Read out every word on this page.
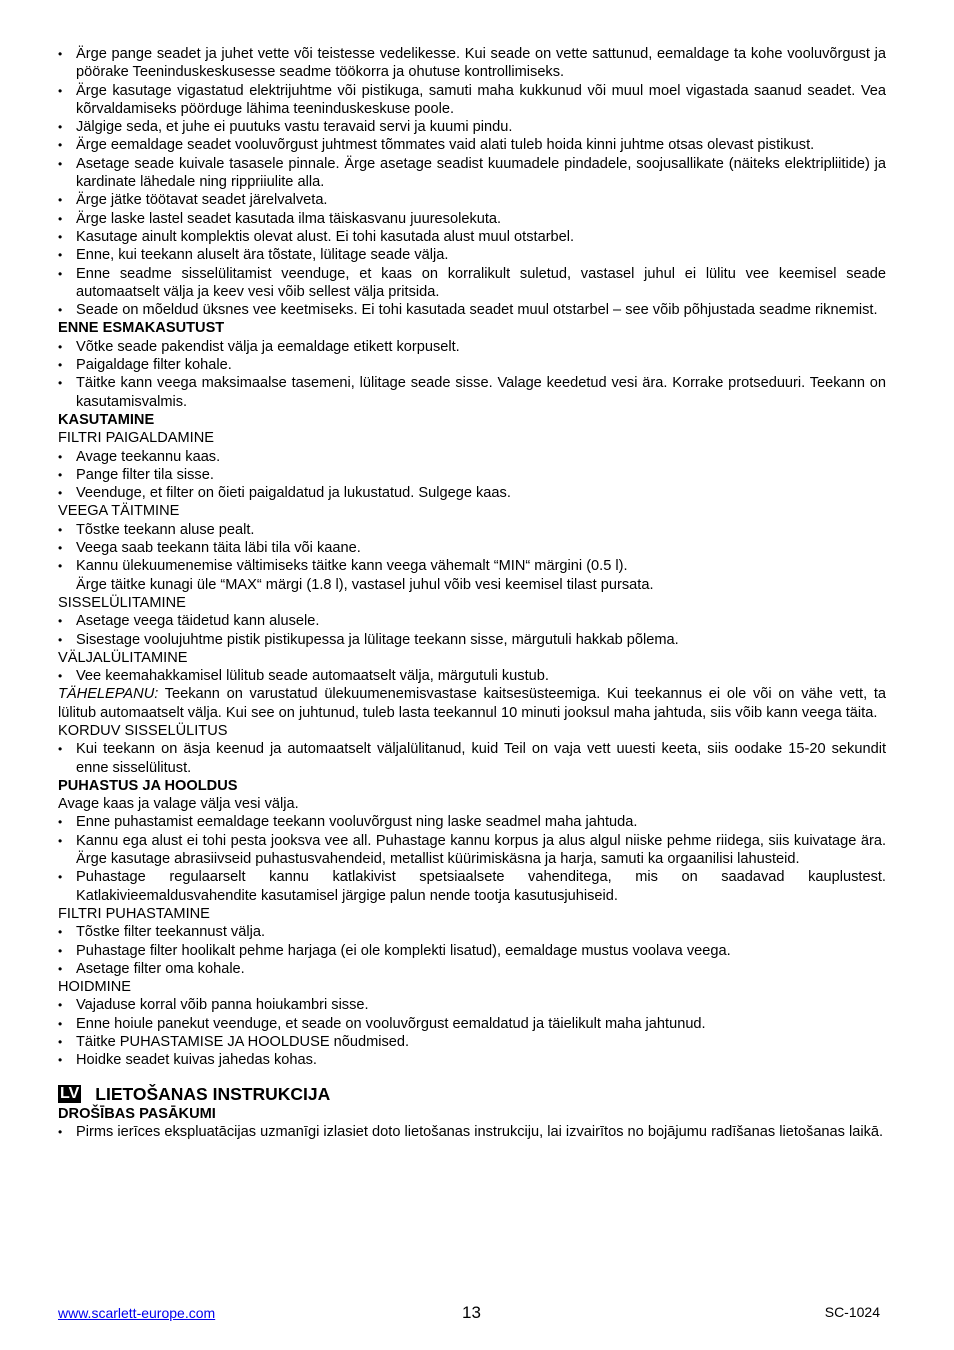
• Ärge pange seadet ja juhet vette või teistesse vedelikesse. Kui seade on vette sattunud, eemaldage ta kohe vooluvõrgust ja pöörake Teeninduskeskusesse seadme töökorra ja ohutuse kontrollimiseks.
• Ärge kasutage vigastatud elektrijuhtme või pistikuga, samuti maha kukkunud või muul moel vigastada saanud seadet. Vea kõrvaldamiseks pöörduge lähima teeninduskeskuse poole.
• Jälgige seda, et juhe ei puutuks vastu teravaid servi ja kuumi pindu.
• Ärge eemaldage seadet vooluvõrgust juhtmest tõmmates vaid alati tuleb hoida kinni juhtme otsas olevast pistikust.
• Asetage seade kuivale tasasele pinnale. Ärge asetage seadist kuumadele pindadele, soojusallikate (näiteks elektripliitide) ja kardinate lähedale ning rippriiulite alla.
• Ärge jätke töötavat seadet järelvalveta.
• Ärge laske lastel seadet kasutada ilma täiskasvanu juuresolekuta.
• Kasutage ainult komplektis olevat alust. Ei tohi kasutada alust muul otstarbel.
• Enne, kui teekann aluselt ära tõstate, lülitage seade välja.
• Enne seadme sisselülitamist veenduge, et kaas on korralikult suletud, vastasel juhul ei lülitu vee keemisel seade automaatselt välja ja keev vesi võib sellest välja pritsida.
• Seade on mõeldud üksnes vee keetmiseks. Ei tohi kasutada seadet muul otstarbel – see võib põhjustada seadme riknemist.
ENNE ESMAKASUTUST
• Võtke seade pakendist välja ja eemaldage etikett korpuselt.
• Paigaldage filter kohale.
• Täitke kann veega maksimaalse tasemeni, lülitage seade sisse. Valage keedetud vesi ära. Korrake protseduuri. Teekann on kasutamisvalmis.
KASUTAMINE
FILTRI PAIGALDAMINE
• Avage teekannu kaas.
• Pange filter tila sisse.
• Veenduge, et filter on õieti paigaldatud ja lukustatud. Sulgege kaas.
VEEGA TÄITMINE
• Tõstke teekann aluse pealt.
• Veega saab teekann täita läbi tila või kaane.
• Kannu ülekuumenemise vältimiseks täitke kann veega vähemalt “MIN“ märgini (0.5 l).
Ärge täitke kunagi üle “MAX“ märgi (1.8 l), vastasel juhul võib vesi keemisel tilast pursata.
SISSELÜLITAMINE
• Asetage veega täidetud kann alusele.
• Sisestage voolujuhtme pistik pistikupessa ja lülitage teekann sisse, märgutuli hakkab põlema.
VÄLJALÜLITAMINE
• Vee keemahakkamisel lülitub seade automaatselt välja, märgutuli kustub.
TÄHELEPANU: Teekann on varustatud ülekuumenemisvastase kaitsesüsteemiga. Kui teekannus ei ole või on vähe vett, ta lülitub automaatselt välja. Kui see on juhtunud, tuleb lasta teekannul 10 minuti jooksul maha jahtuda, siis võib kann veega täita.
KORDUV SISSELÜLITUS
• Kui teekann on äsja keenud ja automaatselt väljalülitanud, kuid Teil on vaja vett uuesti keeta, siis oodake 15-20 sekundit enne sisselülitust.
PUHASTUS JA HOOLDUS
Avage kaas ja valage välja vesi välja.
• Enne puhastamist eemaldage teekann vooluvõrgust ning laske seadmel maha jahtuda.
• Kannu ega alust ei tohi pesta jooksva vee all. Puhastage kannu korpus ja alus algul niiske pehme riidega, siis kuivatage ära. Ärge kasutage abrasiivseid puhastusvahendeid, metallist küürimiskäsna ja harja, samuti ka orgaanilisi lahusteid.
• Puhastage regulaarselt kannu katlakivist spetsiaalsete vahenditega, mis on saadavad kauplustest. Katlakivieemaldusvahendite kasutamisel järgige palun nende tootja kasutusjuhiseid.
FILTRI PUHASTAMINE
• Tõstke filter teekannust välja.
• Puhastage filter hoolikalt pehme harjaga (ei ole komplekti lisatud), eemaldage mustus voolava veega.
• Asetage filter oma kohale.
HOIDMINE
• Vajaduse korral võib panna hoiukambri sisse.
• Enne hoiule panekut veenduge, et seade on vooluvõrgust eemaldatud ja täielikult maha jahtunud.
• Täitke PUHASTAMISE JA HOOLDUSE nõudmised.
• Hoidke seadet kuivas jahedas kohas.
LV LIETOŠANAS INSTRUKCIJA
DROŠĪBAS PASĀKUMI
• Pirms ierīces ekspluatācijas uzmanīgi izlasiet doto lietošanas instrukciju, lai izvairītos no bojājumu radīšanas lietošanas laikā.
www.scarlett-europe.com	13	SC-1024
